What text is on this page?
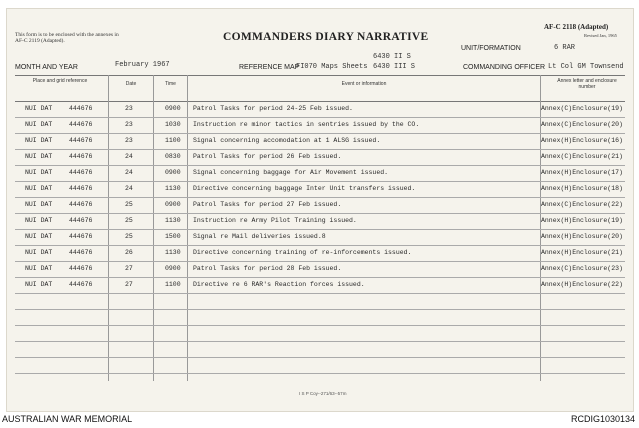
This form is to be enclosed with the annexes in AF-C 2119 (Adapted).	COMMANDERS DIARY NARRATIVE
AF-C 2118 (Adapted)
Revised Jan, 1965
UNIT/FORMATION	6 RAR
6430 II S
MONTH AND YEAR	February 1967	REFERENCE MAP
FI070 Maps Sheets 6430 III S	COMMANDING OFFICER Lt Col GM Townsend
Place and grid reference	Date	Time	Event or information	Annex letter and enclosure number
NUI DAT	444676	23	0900 Patrol Tasks for period 24-25 Feb issued.	Annex(C)Enclosure(19)
NUI DAT	444676	23	1030 Instruction re minor tactics in sentries issued by the CO.	Annex(C)Enclosure(20)
NUI DAT	444676	23	1100 Signal concerning accomodation at 1 ALSG issued.	Annex(H)Enclosure(16)
NUI DAT	444676	24	0830 Patrol Tasks for period 26 Feb issued.	Annex(C)Enclosure(21)
NUI DAT	444676	24	0900 Signal concerning baggage for Air Movement issued.	Annex(H)Enclosure(17)
NUI DAT	444676	24	1130 Directive concerning baggage Inter Unit transfers issued.	Annex(H)Enclosure(18)
NUI DAT	444676	25	0900 Patrol Tasks for period 27 Feb issued.	Annex(C)Enclosure(22)
NUI DAT	444676	25	1130 Instruction re Army Pilot Training issued.	Annex(H)Enclosure(19)
NUI DAT	444676	25	1500 Signal re Mail deliveries issued.8	Annex(H)Enclosure(20)
NUI DAT	444676	26	1130 Directive concerning training of re-inforcements issued.	Annex(H)Enclosure(21)
NUI DAT	444676	27	0900 Patrol Tasks for period 28 Feb issued.	Annex(C)Enclosure(23)
NUI DAT	444676	27	1100 Directive re 6 RAR's Reaction forces issued.	Annex(H)Enclosure(22)
I S P Coy--271/63--57m
AUSTRALIAN WAR MEMORIAL	RCDIG1030134
